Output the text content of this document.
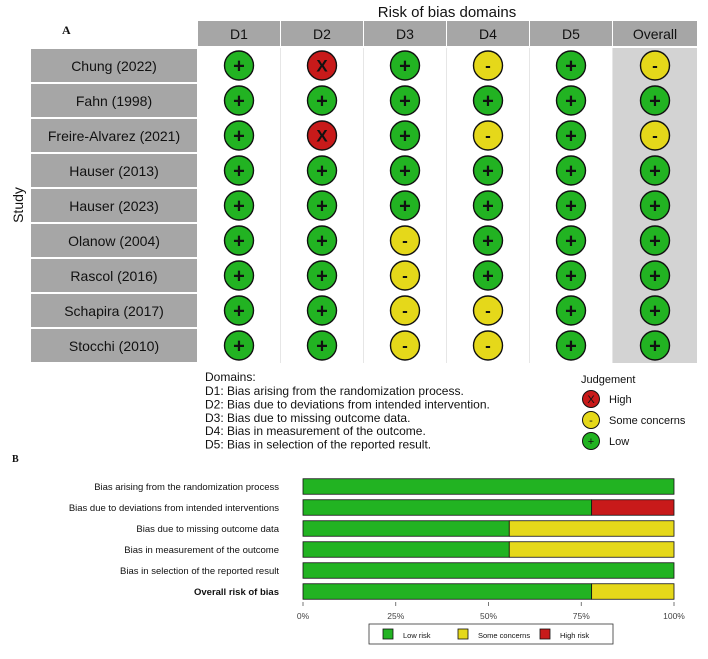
A
Risk of bias domains
Study
D1	D2	D3	D4	D5	Overall
Chung (2022)	+	X	+	-	+	-
Fahn (1998)	+	+	+	+	+	+
Freire-Alvarez (2021)	+	X	+	-	+	-
Hauser (2013)	+	+	+	+	+	+
Hauser (2023)	+	+	+	+	+	+
Olanow (2004)	+	+	-	+	+	+
Rascol (2016)	+	+	-	+	+	+
Schapira (2017)	+	+	-	-	+	+
Stocchi (2010)	+	+	-	-	+	+
Domains:
D1: Bias arising from the randomization process.
D2: Bias due to deviations from intended intervention.
D3: Bias due to missing outcome data.
D4: Bias in measurement of the outcome.
D5: Bias in selection of the reported result.
Judgement
X High
- Some concerns
+ Low
B
Bias arising from the randomization process
Bias due to deviations from intended interventions
Bias due to missing outcome data
Bias in measurement of the outcome
Bias in selection of the reported result
Overall risk of bias
0%	25%	50%	75%	100%
Low risk	Some concerns	High risk
